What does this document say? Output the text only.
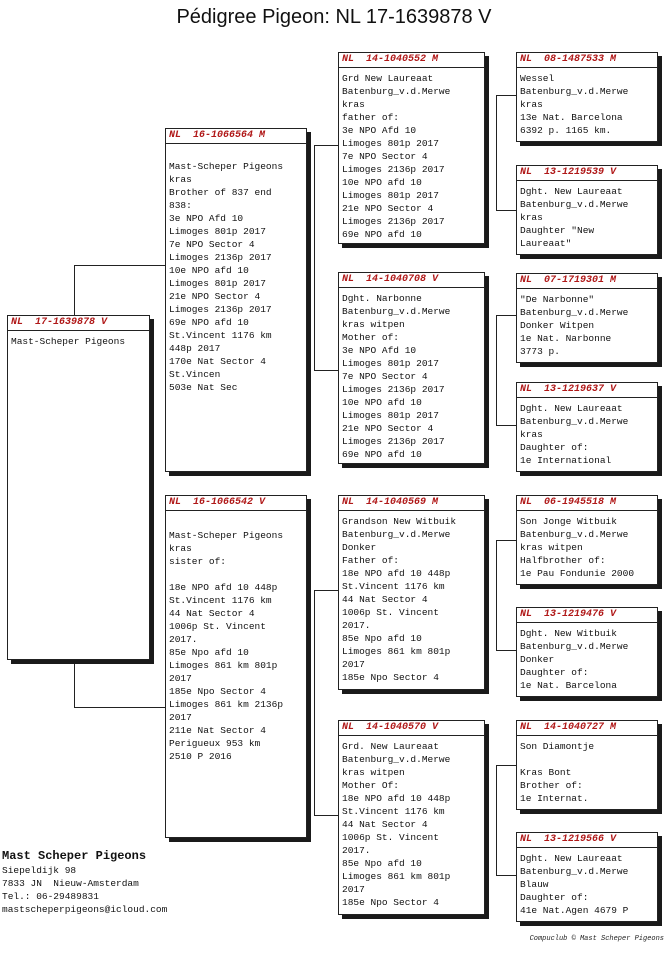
Pédigree Pigeon: NL 17-1639878 V
NL  17-1639878 V
Mast-Scheper Pigeons
NL  16-1066564 M
Mast-Scheper Pigeons
kras
Brother of 837 end
838:
3e NPO Afd 10
Limoges 801p 2017
7e NPO Sector 4
Limoges 2136p 2017
10e NPO afd 10
Limoges 801p 2017
21e NPO Sector 4
Limoges 2136p 2017
69e NPO afd 10
St.Vincent 1176 km
448p 2017
170e Nat Sector 4
St.Vincen
503e Nat Sec
NL  16-1066542 V
Mast-Scheper Pigeons
kras
sister of:

18e NPO afd 10 448p
St.Vincent 1176 km
44 Nat Sector 4
1006p St. Vincent
2017.
85e Npo afd 10
Limoges 861 km 801p
2017
185e Npo Sector 4
Limoges 861 km 2136p
2017
211e Nat Sector 4
Perigueux 953 km
2510 P 2016
NL  14-1040552 M
Grd New Laureaat
Batenburg_v.d.Merwe
kras
father of:
3e NPO Afd 10
Limoges 801p 2017
7e NPO Sector 4
Limoges 2136p 2017
10e NPO afd 10
Limoges 801p 2017
21e NPO Sector 4
Limoges 2136p 2017
69e NPO afd 10
NL  14-1040708 V
Dght. Narbonne
Batenburg_v.d.Merwe
kras witpen
Mother of:
3e NPO Afd 10
Limoges 801p 2017
7e NPO Sector 4
Limoges 2136p 2017
10e NPO afd 10
Limoges 801p 2017
21e NPO Sector 4
Limoges 2136p 2017
69e NPO afd 10
NL  14-1040569 M
Grandson New Witbuik
Batenburg_v.d.Merwe
Donker
Father of:
18e NPO afd 10 448p
St.Vincent 1176 km
44 Nat Sector 4
1006p St. Vincent
2017.
85e Npo afd 10
Limoges 861 km 801p
2017
185e Npo Sector 4
NL  14-1040570 V
Grd. New Laureaat
Batenburg_v.d.Merwe
kras witpen
Mother Of:
18e NPO afd 10 448p
St.Vincent 1176 km
44 Nat Sector 4
1006p St. Vincent
2017.
85e Npo afd 10
Limoges 861 km 801p
2017
185e Npo Sector 4
NL  08-1487533 M
Wessel
Batenburg_v.d.Merwe
kras
13e Nat. Barcelona
6392 p. 1165 km.
NL  13-1219539 V
Dght. New Laureaat
Batenburg_v.d.Merwe
kras
Daughter "New
Laureaat"
NL  07-1719301 M
"De Narbonne"
Batenburg_v.d.Merwe
Donker Witpen
1e Nat. Narbonne
3773 p.
NL  13-1219637 V
Dght. New Laureaat
Batenburg_v.d.Merwe
kras
Daughter of:
1e International
NL  06-1945518 M
Son Jonge Witbuik
Batenburg_v.d.Merwe
kras witpen
Halfbrother of:
1e Pau Fondunie 2000
NL  13-1219476 V
Dght. New Witbuik
Batenburg_v.d.Merwe
Donker
Daughter of:
1e Nat. Barcelona
NL  14-1040727 M
Son Diamontje

Kras Bont
Brother of:
1e Internat.
NL  13-1219566 V
Dght. New Laureaat
Batenburg_v.d.Merwe
Blauw
Daughter of:
41e Nat.Agen 4679 P
Mast Scheper Pigeons
Siepeldijk 98
7833 JN  Nieuw-Amsterdam
Tel.: 06-29489831
mastscheperpigeons@icloud.com
Compuclub © Mast Scheper Pigeons
